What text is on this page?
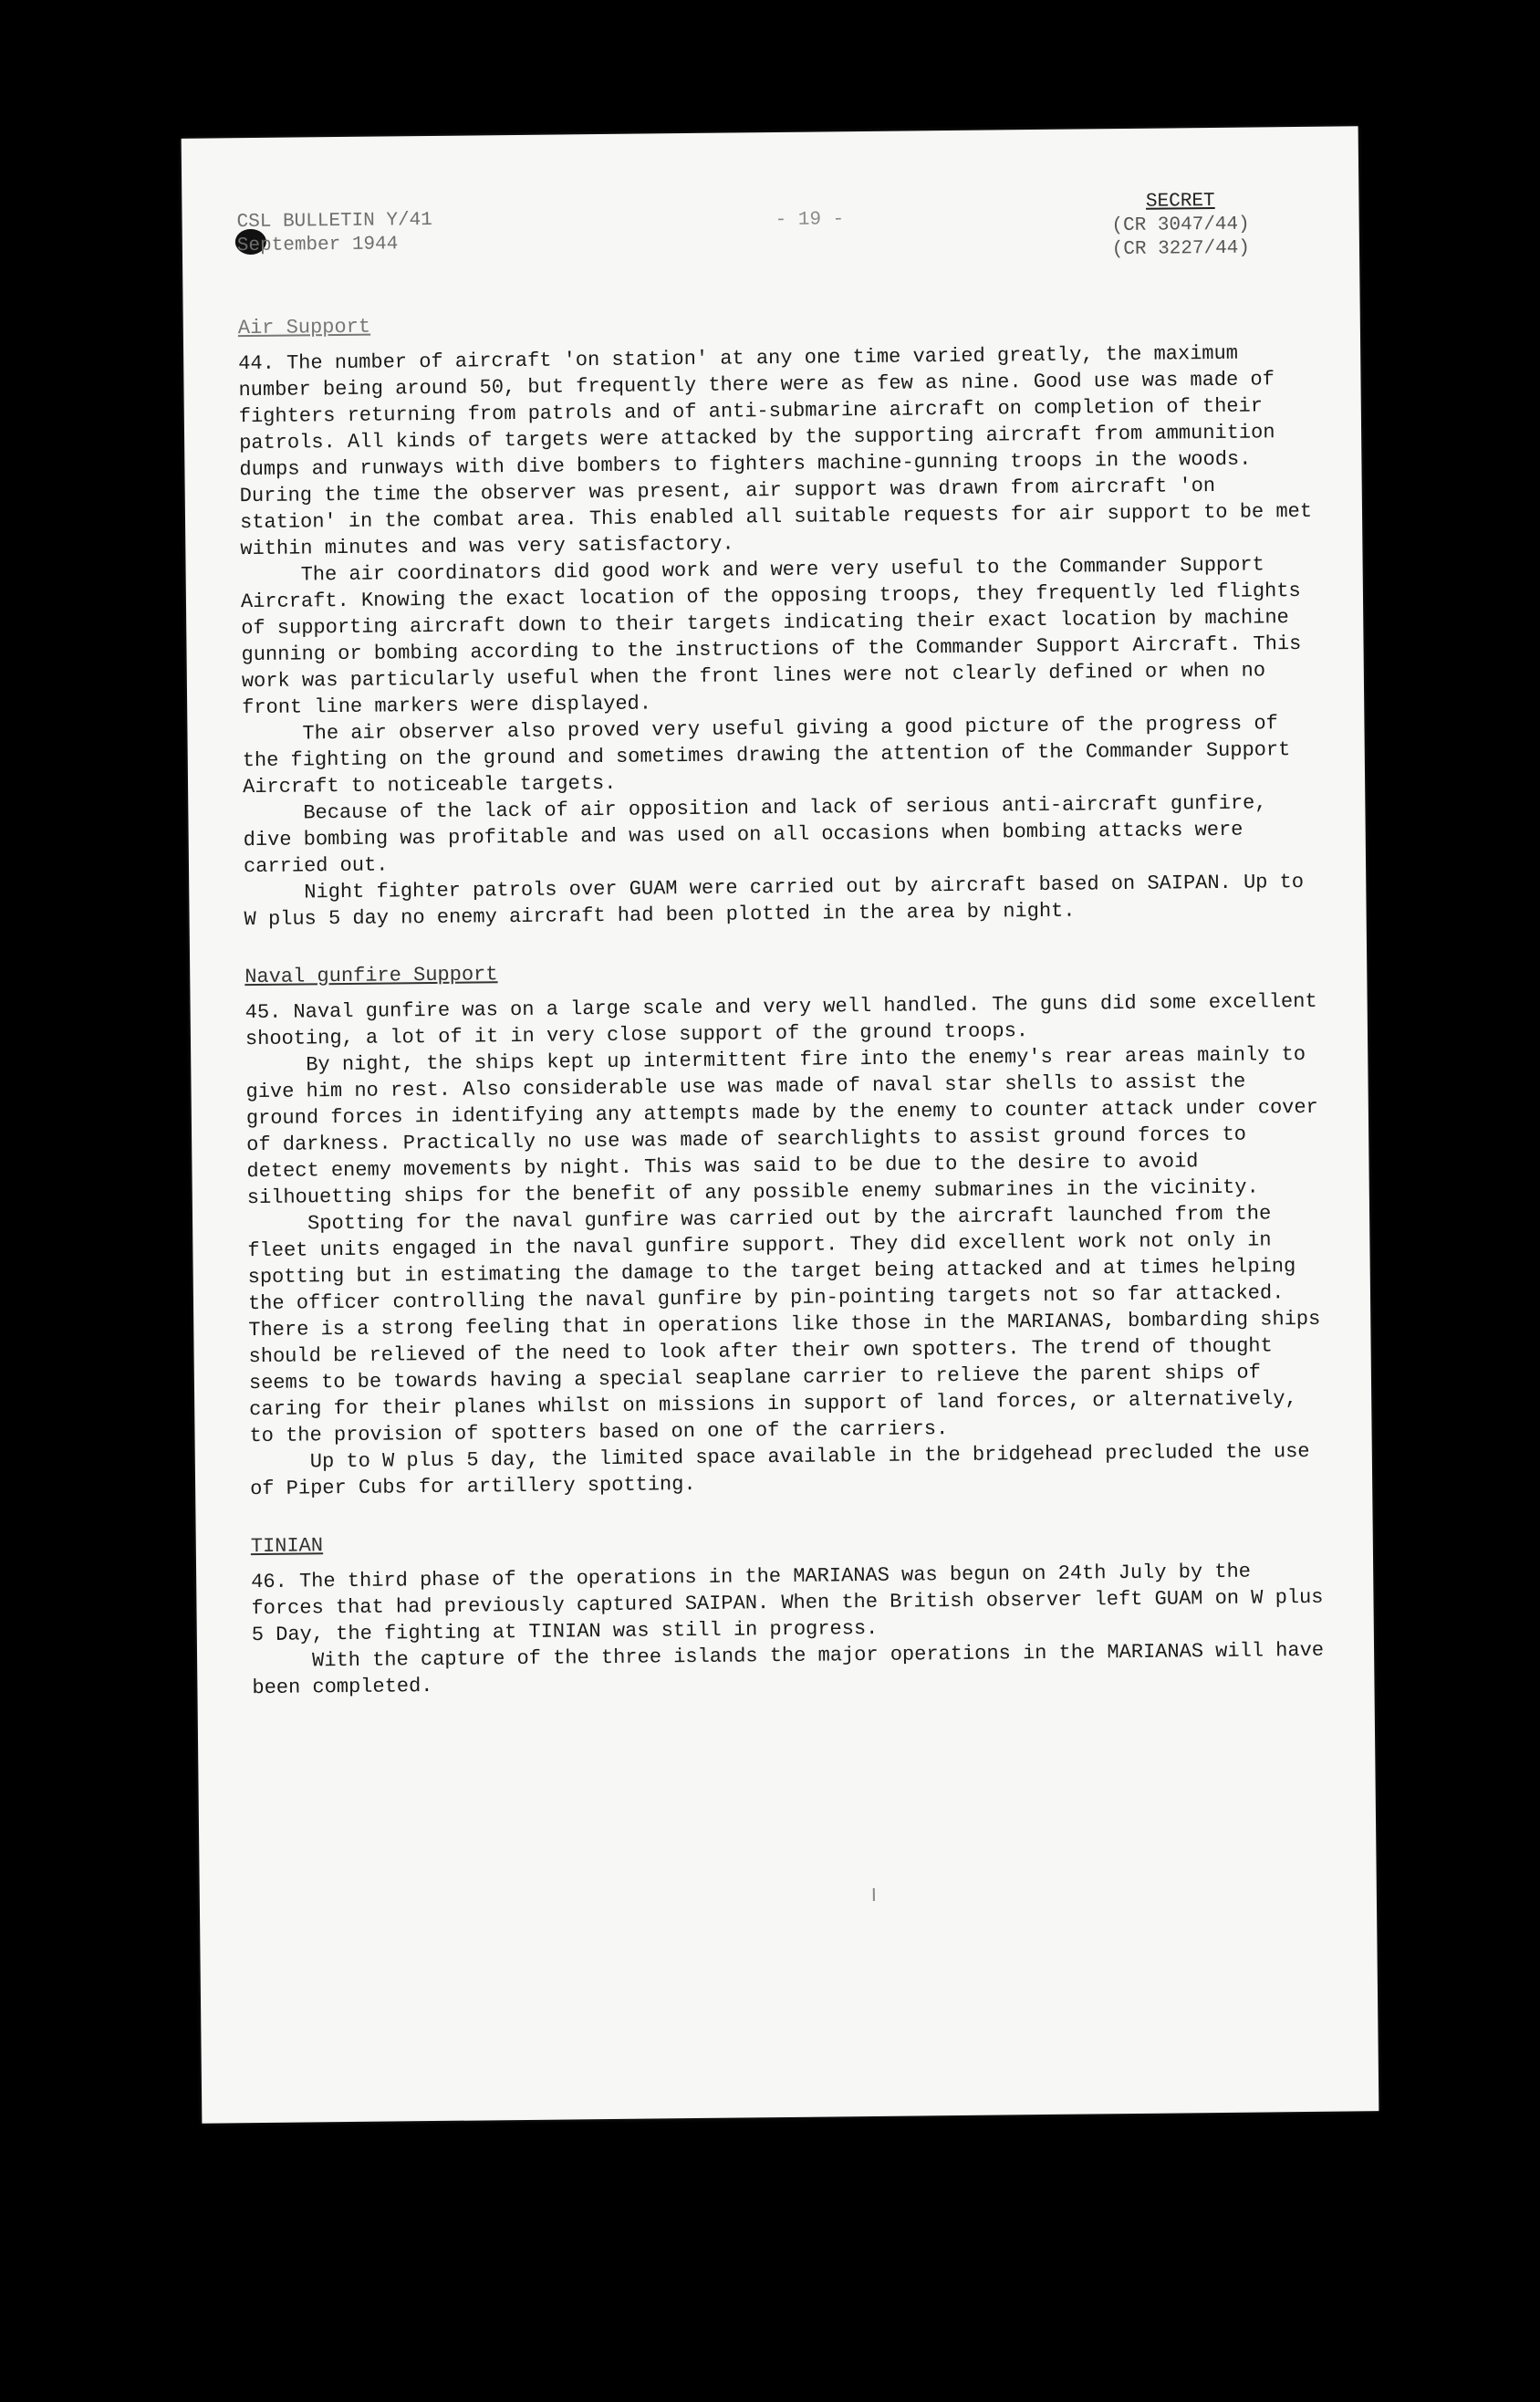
CSL BULLETIN Y/41
September 1944
- 19 -
SECRET
(CR 3047/44)
(CR 3227/44)
Air Support

44. The number of aircraft 'on station' at any one time varied greatly, the maximum number being around 50, but frequently there were as few as nine. Good use was made of fighters returning from patrols and of anti-submarine aircraft on completion of their patrols. All kinds of targets were attacked by the supporting aircraft from ammunition dumps and runways with dive bombers to fighters machine-gunning troops in the woods. During the time the observer was present, air support was drawn from aircraft 'on station' in the combat area. This enabled all suitable requests for air support to be met within minutes and was very satisfactory.

The air coordinators did good work and were very useful to the Commander Support Aircraft. Knowing the exact location of the opposing troops, they frequently led flights of supporting aircraft down to their targets indicating their exact location by machine gunning or bombing according to the instructions of the Commander Support Aircraft. This work was particularly useful when the front lines were not clearly defined or when no front line markers were displayed.

The air observer also proved very useful giving a good picture of the progress of the fighting on the ground and sometimes drawing the attention of the Commander Support Aircraft to noticeable targets.

Because of the lack of air opposition and lack of serious anti-aircraft gunfire, dive bombing was profitable and was used on all occasions when bombing attacks were carried out.

Night fighter patrols over GUAM were carried out by aircraft based on SAIPAN. Up to W plus 5 day no enemy aircraft had been plotted in the area by night.

Naval gunfire Support

45. Naval gunfire was on a large scale and very well handled. The guns did some excellent shooting, a lot of it in very close support of the ground troops.

By night, the ships kept up intermittent fire into the enemy's rear areas mainly to give him no rest. Also considerable use was made of naval star shells to assist the ground forces in identifying any attempts made by the enemy to counter attack under cover of darkness. Practically no use was made of searchlights to assist ground forces to detect enemy movements by night. This was said to be due to the desire to avoid silhouetting ships for the benefit of any possible enemy submarines in the vicinity.

Spotting for the naval gunfire was carried out by the aircraft launched from the fleet units engaged in the naval gunfire support. They did excellent work not only in spotting but in estimating the damage to the target being attacked and at times helping the officer controlling the naval gunfire by pin-pointing targets not so far attacked. There is a strong feeling that in operations like those in the MARIANAS, bombarding ships should be relieved of the need to look after their own spotters. The trend of thought seems to be towards having a special seaplane carrier to relieve the parent ships of caring for their planes whilst on missions in support of land forces, or alternatively, to the provision of spotters based on one of the carriers.

Up to W plus 5 day, the limited space available in the bridgehead precluded the use of Piper Cubs for artillery spotting.

TINIAN

46. The third phase of the operations in the MARIANAS was begun on 24th July by the forces that had previously captured SAIPAN. When the British observer left GUAM on W plus 5 Day, the fighting at TINIAN was still in progress.

With the capture of the three islands the major operations in the MARIANAS will have been completed.
